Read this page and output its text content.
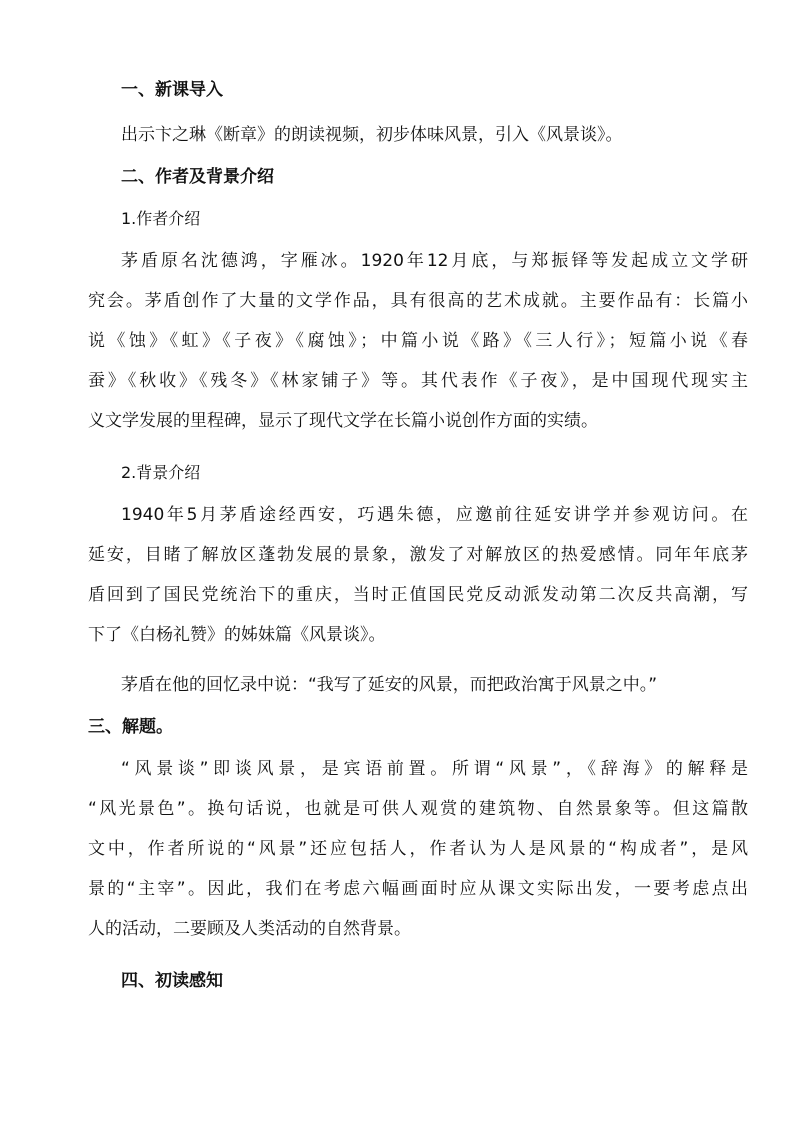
一、新课导入
出示卞之琳《断章》的朗读视频，初步体味风景，引入《风景谈》。
二、作者及背景介绍
1.作者介绍
茅盾原名沈德鸿，字雁冰。1920年12月底，与郑振铎等发起成立文学研
究会。茅盾创作了大量的文学作品，具有很高的艺术成就。主要作品有：长篇小
说《蚀》《虹》《子夜》《腐蚀》；中篇小说《路》《三人行》；短篇小说《春
蚕》《秋收》《残冬》《林家铺子》等。其代表作《子夜》，是中国现代现实主
义文学发展的里程碑，显示了现代文学在长篇小说创作方面的实绩。
2.背景介绍
1940年5月茅盾途经西安，巧遇朱德，应邀前往延安讲学并参观访问。在
延安，目睹了解放区蓬勃发展的景象，激发了对解放区的热爱感情。同年年底茅
盾回到了国民党统治下的重庆，当时正值国民党反动派发动第二次反共高潮，写
下了《白杨礼赞》的姊妹篇《风景谈》。
茅盾在他的回忆录中说：“我写了延安的风景，而把政治寓于风景之中。”
三、解题。
“风景谈”即谈风景，是宾语前置。所谓“风景”，《辞海》的解释是
“风光景色”。换句话说，也就是可供人观赏的建筑物、自然景象等。但这篇散
文中，作者所说的“风景”还应包括人，作者认为人是风景的“构成者”，是风
景的“主宰”。因此，我们在考虑六幅画面时应从课文实际出发，一要考虑点出
人的活动，二要顾及人类活动的自然背景。
四、初读感知
